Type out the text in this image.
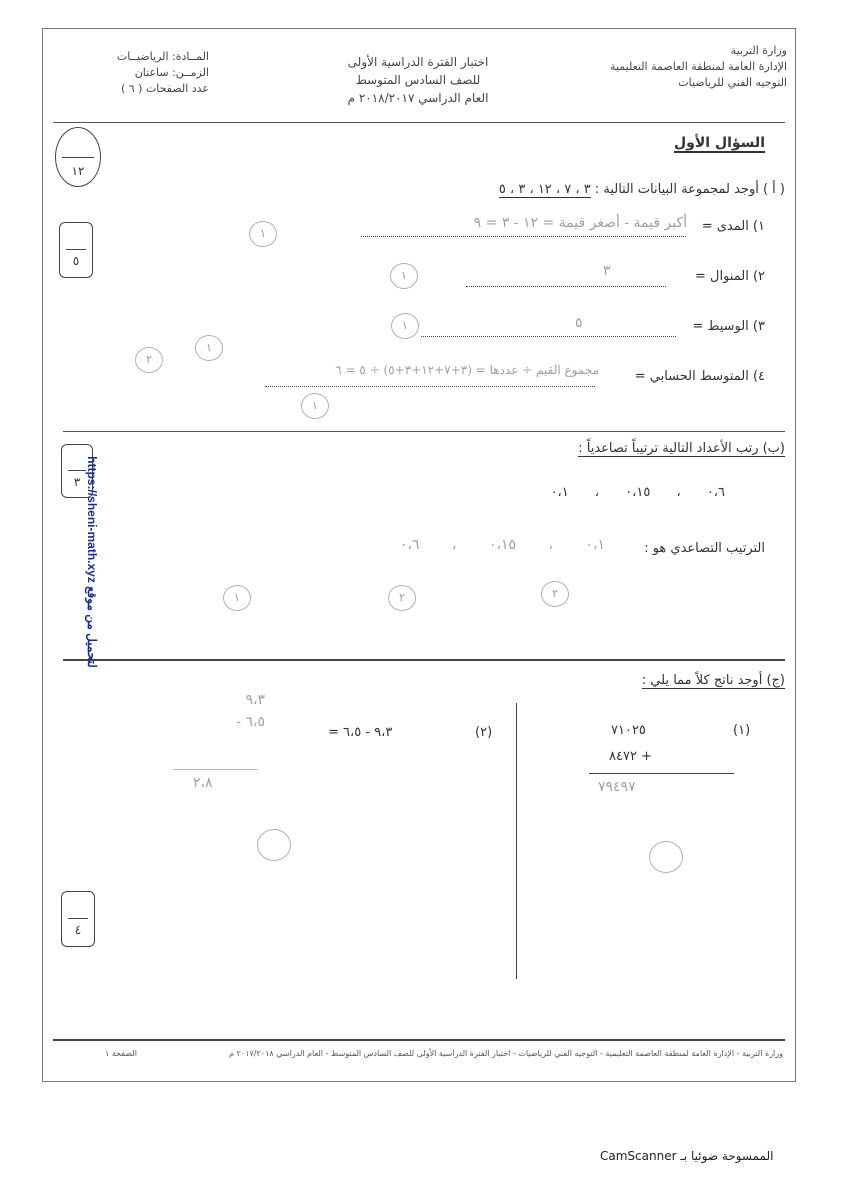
وزارة التربية
الإدارة العامة لمنطقة العاصمة التعليمية
التوجيه الفني للرياضيات
اختبار الفترة الدراسية الأولى
للصف السادس المتوسط
العام الدراسي ٢٠١٨/٢٠١٧ م
المــادة: الرياضيــات
الزمــن: ساعتان
عدد الصفحات ( ٦ )
١٢
السؤال الأول
( أ ) أوجد لمجموعة البيانات التالية : ٣ ، ٧ ، ١٢ ، ٣ ، ٥
٥
١) المدى =
أكبر قيمة - أصغر قيمة = ١٢ - ٣ = ٩
١
٢) المنوال =
٣
١
٣) الوسيط =
٥
١
٤) المتوسط الحسابي =
مجموع القيم ÷ عددها = (٣+٧+١٢+٣+٥) ÷ ٥ = ٦
٢
١
١
(ب) رتب الأعداد التالية ترتيباً تصاعدياً :
٣
٠،٦ ، ٠،١٥ ، ٠،١
الترتيب التصاعدي هو :
٠،١ ، ٠،١٥ ، ٠،٦
١	٢	٢
(ج) أوجد ناتج كلاً مما يلي :
(١)
٧١٠٢٥
+ ٨٤٧٢
٧٩٤٩٧
(٢)
٩،٣ - ٦،٥ =
٩،٣
- ٦،٥
٢،٨
٤
وزارة التربية - الإدارة العامة لمنطقة العاصمة التعليمية - التوجيه الفني للرياضيات - اختبار الفترة الدراسية الأولى للصف السادس المتوسط - العام الدراسي ٢٠١٧/٢٠١٨ م
الصفحة ١
https://sheni-math.xyz لتحميل من موقع
الممسوحة ضوئيا بـ CamScanner
